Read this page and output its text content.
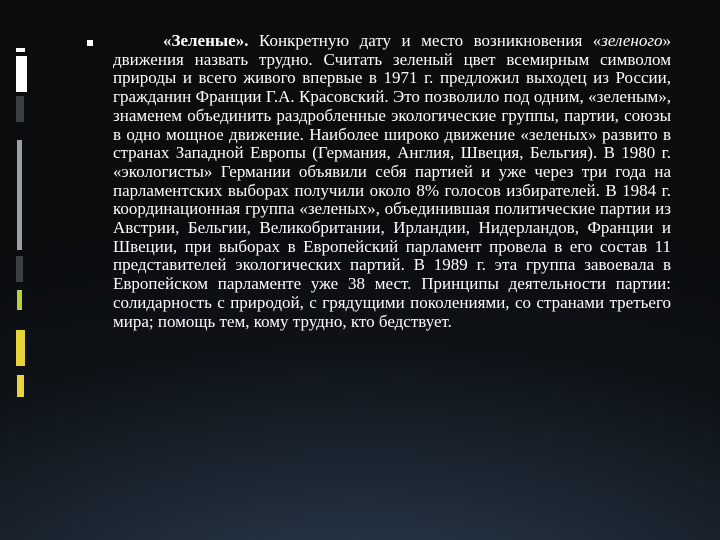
«Зеленые». Конкретную дату и место возникновения «зеленого» движения назвать трудно. Считать зеленый цвет всемирным символом природы и всего живого впервые в 1971 г. предложил выходец из России, гражданин Франции Г.А. Красовский. Это позволило под одним, «зеленым», знаменем объединить раздробленные экологические группы, партии, союзы в одно мощное движение. Наиболее широко движение «зеленых» развито в странах Западной Европы (Германия, Англия, Швеция, Бельгия). В 1980 г. «экологисты» Германии объявили себя партией и уже через три года на парламентских выборах получили около 8% голосов избирателей. В 1984 г. координационная группа «зеленых», объединившая политические партии из Австрии, Бельгии, Великобритании, Ирландии, Нидерландов, Франции и Швеции, при выборах в Европейский парламент провела в его состав 11 представителей экологических партий. В 1989 г. эта группа завоевала в Европейском парламенте уже 38 мест. Принципы деятельности партии: солидарность с природой, с грядущими поколениями, со странами третьего мира; помощь тем, кому трудно, кто бедствует.
